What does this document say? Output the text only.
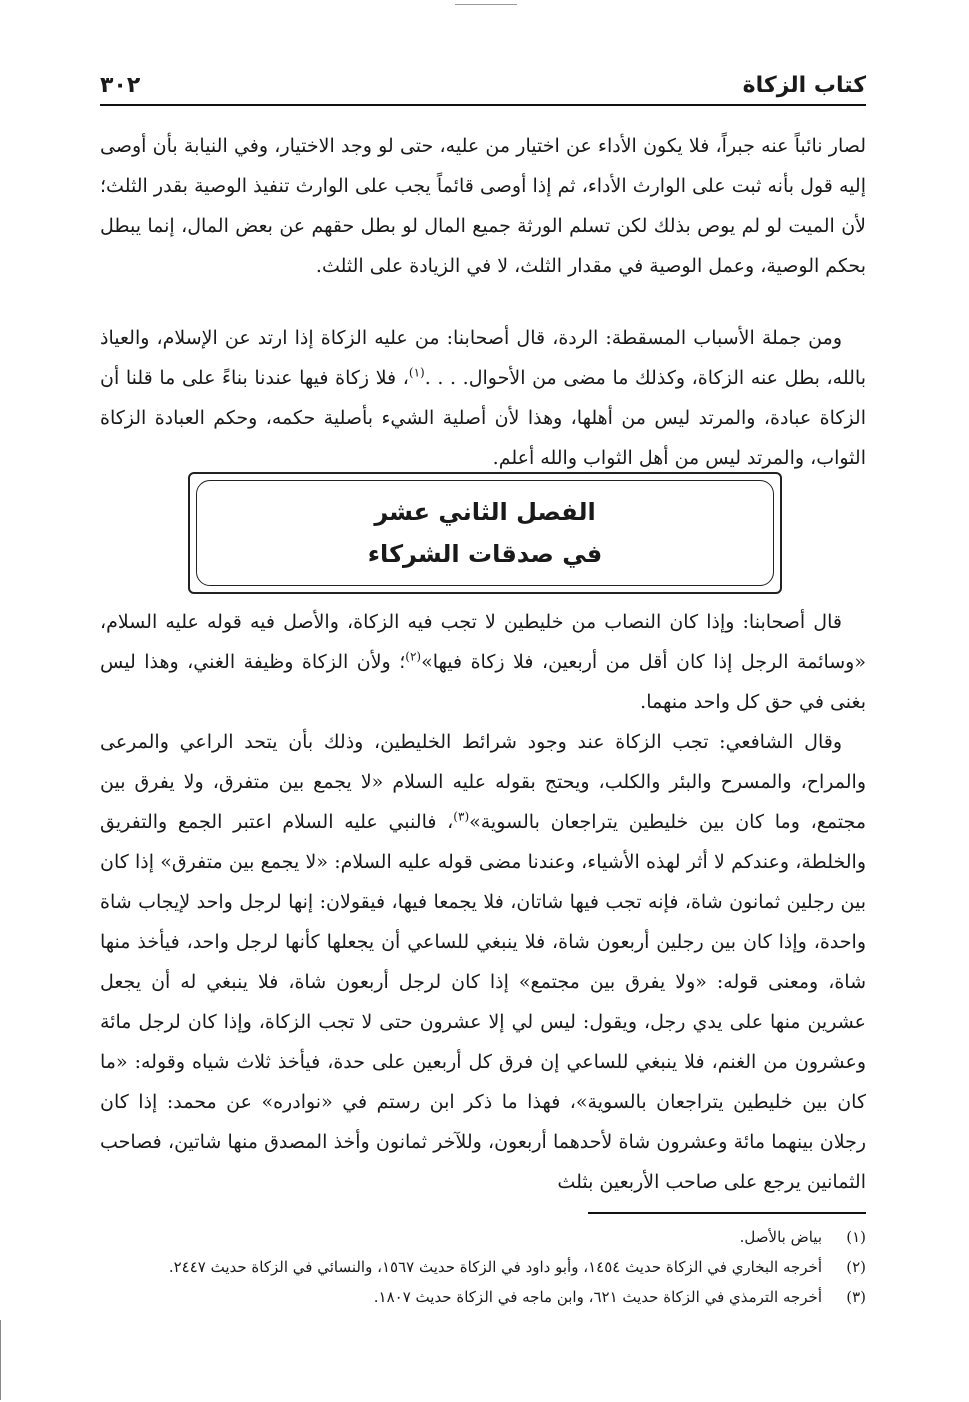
كتاب الزكاة
٣٠٢

لصار نائباً عنه جبراً، فلا يكون الأداء عن اختيار من عليه، حتى لو وجد الاختيار، وفي النيابة بأن أوصى إليه قول بأنه ثبت على الوارث الأداء، ثم إذا أوصى قائماً يجب على الوارث تنفيذ الوصية بقدر الثلث؛ لأن الميت لو لم يوص بذلك لكن تسلم الورثة جميع المال لو بطل حقهم عن بعض المال، إنما يبطل بحكم الوصية، وعمل الوصية في مقدار الثلث، لا في الزيادة على الثلث.

ومن جملة الأسباب المسقطة: الردة، قال أصحابنا: من عليه الزكاة إذا ارتد عن الإسلام، والعياذ بالله، بطل عنه الزكاة، وكذلك ما مضى من الأحوال. . . .$^{(١)}$، فلا زكاة فيها عندنا بناءً على ما قلنا أن الزكاة عبادة، والمرتد ليس من أهلها، وهذا لأن أصلية الشيء بأصلية حكمه، وحكم العبادة الزكاة الثواب، والمرتد ليس من أهل الثواب والله أعلم.

الفصل الثاني عشر
في صدقات الشركاء

قال أصحابنا: وإذا كان النصاب من خليطين لا تجب فيه الزكاة، والأصل فيه قوله عليه السلام، «وسائمة الرجل إذا كان أقل من أربعين، فلا زكاة فيها»$^{(٢)}$؛ ولأن الزكاة وظيفة الغني، وهذا ليس بغنى في حق كل واحد منهما.

وقال الشافعي: تجب الزكاة عند وجود شرائط الخليطين، وذلك بأن يتحد الراعي والمرعى والمراح، والمسرح والبئر والكلب، ويحتج بقوله عليه السلام «لا يجمع بين متفرق، ولا يفرق بين مجتمع، وما كان بين خليطين يتراجعان بالسوية»$^{(٣)}$، فالنبي عليه السلام اعتبر الجمع والتفريق والخلطة، وعندكم لا أثر لهذه الأشياء، وعندنا مضى قوله عليه السلام: «لا يجمع بين متفرق» إذا كان بين رجلين ثمانون شاة، فإنه تجب فيها شاتان، فلا يجمعا فيها، فيقولان: إنها لرجل واحد لإيجاب شاة واحدة، وإذا كان بين رجلين أربعون شاة، فلا ينبغي للساعي أن يجعلها كأنها لرجل واحد، فيأخذ منها شاة، ومعنى قوله: «ولا يفرق بين مجتمع» إذا كان لرجل أربعون شاة، فلا ينبغي له أن يجعل عشرين منها على يدي رجل، ويقول: ليس لي إلا عشرون حتى لا تجب الزكاة، وإذا كان لرجل مائة وعشرون من الغنم، فلا ينبغي للساعي إن فرق كل أربعين على حدة، فيأخذ ثلاث شياه وقوله: «ما كان بين خليطين يتراجعان بالسوية»، فهذا ما ذكر ابن رستم في «نوادره» عن محمد: إذا كان رجلان بينهما مائة وعشرون شاة لأحدهما أربعون، وللآخر ثمانون وأخذ المصدق منها شاتين، فصاحب الثمانين يرجع على صاحب الأربعين بثلث

(١)
بياض بالأصل.
(٢)
أخرجه البخاري في الزكاة حديث ١٤٥٤، وأبو داود في الزكاة حديث ١٥٦٧، والنسائي في الزكاة حديث ٢٤٤٧.
(٣)
أخرجه الترمذي في الزكاة حديث ٦٢١، وابن ماجه في الزكاة حديث ١٨٠٧.
